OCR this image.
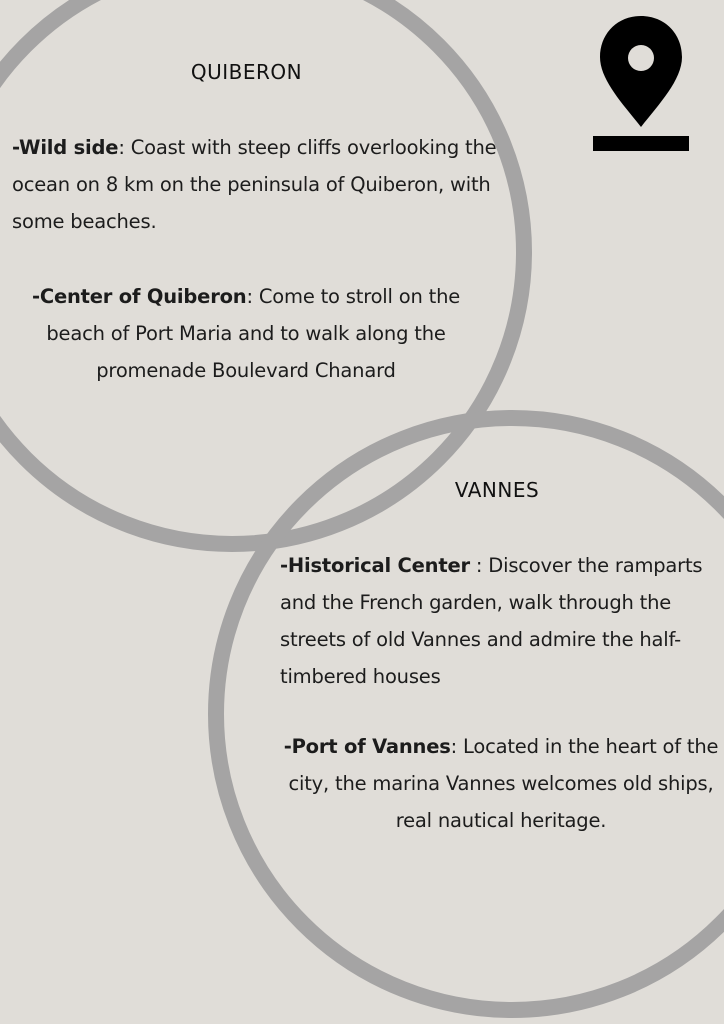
QUIBERON
-Wild side: Coast with steep cliffs overlooking the ocean on 8 km on the peninsula of Quiberon, with some beaches.
-Center of Quiberon: Come to stroll on the beach of Port Maria and to walk along the promenade Boulevard Chanard
VANNES
-Historical Center : Discover the ramparts and the French garden, walk through the streets of old Vannes and admire the half-timbered houses
-Port of Vannes: Located in the heart of the city, the marina Vannes welcomes old ships, real nautical heritage.
